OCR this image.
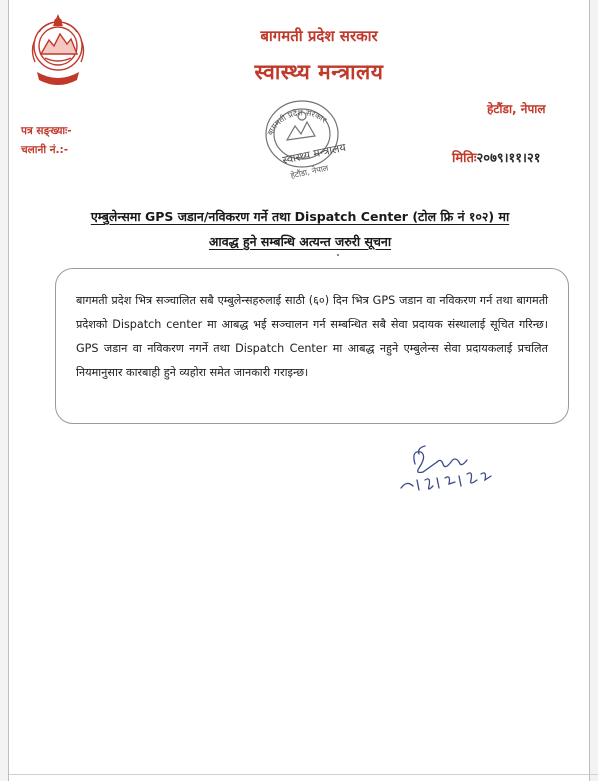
बागमती प्रदेश सरकार
स्वास्थ्य मन्त्रालय
हेटौंडा, नेपाल
पत्र सङ्ख्याः-
चलानी नं.:-
बागमती प्रदेश सरकार
स्वास्थ्य मन्त्रालय
हेटौंडा, नेपाल
मितिः२०७९।११।२१
एम्बुलेन्समा GPS जडान/नविकरण गर्ने तथा Dispatch Center (टोल फ्रि नं १०२) मा
आवद्ध हुने सम्बन्धि अत्यन्त जरुरी सूचना

बागमती प्रदेश भित्र सञ्चालित सबै एम्बुलेन्सहरुलाई साठी (६०) दिन भित्र GPS जडान वा नविकरण गर्न तथा बागमती प्रदेशको Dispatch center मा आबद्ध भई सञ्चालन गर्न सम्बन्धित सबै सेवा प्रदायक संस्थालाई सूचित गरिन्छ। GPS जडान वा नविकरण नगर्ने तथा Dispatch Center मा आबद्ध नहुने एम्बुलेन्स सेवा प्रदायकलाई प्रचलित नियमानुसार कारबाही हुने व्यहोरा समेत जानकारी गराइन्छ।
